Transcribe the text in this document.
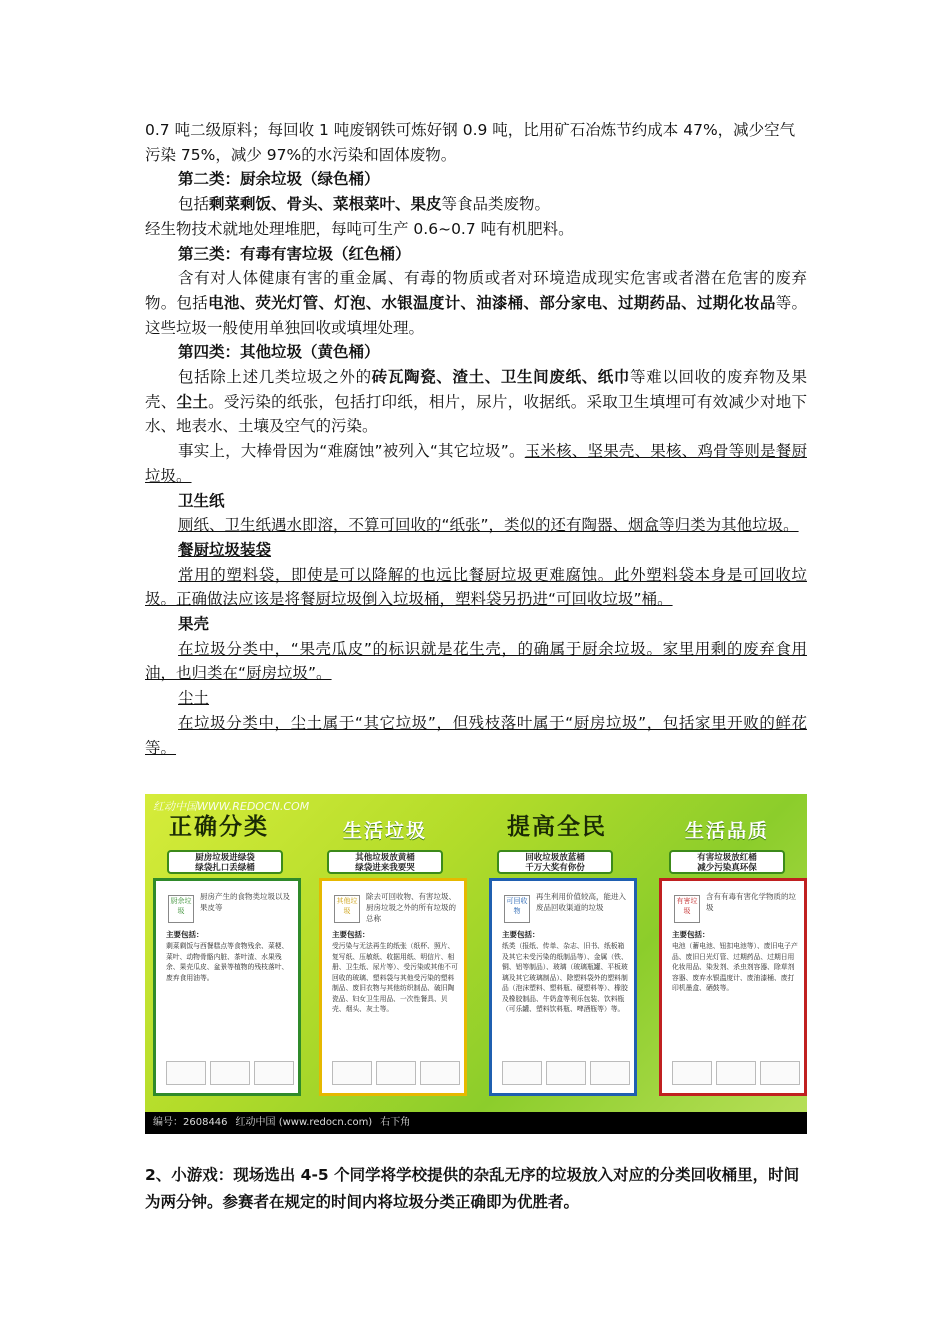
0.7 吨二级原料；每回收 1 吨废钢铁可炼好钢 0.9 吨，比用矿石冶炼节约成本 47%，减少空气

污染 75%，减少 97%的水污染和固体废物。

第二类：厨余垃圾（绿色桶）

包括剩菜剩饭、骨头、菜根菜叶、果皮等食品类废物。

经生物技术就地处理堆肥，每吨可生产 0.6~0.7 吨有机肥料。

第三类：有毒有害垃圾（红色桶）

含有对人体健康有害的重金属、有毒的物质或者对环境造成现实危害或者潜在危害的废弃物。包括电池、荧光灯管、灯泡、水银温度计、油漆桶、部分家电、过期药品、过期化妆品等。这些垃圾一般使用单独回收或填埋处理。

第四类：其他垃圾（黄色桶）

包括除上述几类垃圾之外的砖瓦陶瓷、渣土、卫生间废纸、纸巾等难以回收的废弃物及果壳、尘土。受污染的纸张，包括打印纸，相片，尿片，收据纸。采取卫生填埋可有效减少对地下水、地表水、土壤及空气的污染。

事实上，大棒骨因为“难腐蚀”被列入“其它垃圾”。玉米核、坚果壳、果核、鸡骨等则是餐厨垃圾。

卫生纸

厕纸、卫生纸遇水即溶，不算可回收的“纸张”，类似的还有陶器、烟盒等归类为其他垃圾。

餐厨垃圾装袋

常用的塑料袋，即使是可以降解的也远比餐厨垃圾更难腐蚀。此外塑料袋本身是可回收垃圾。正确做法应该是将餐厨垃圾倒入垃圾桶，塑料袋另扔进“可回收垃圾”桶。

果壳

在垃圾分类中，“果壳瓜皮”的标识就是花生壳，的确属于厨余垃圾。家里用剩的废弃食用油，也归类在“厨房垃圾”。

尘土

在垃圾分类中，尘土属于“其它垃圾”，但残枝落叶属于“厨房垃圾”，包括家里开败的鲜花等。

红动中国WWW.REDOCN.COM
正确分类	生活垃圾	提高全民	生活品质
厨房垃圾进绿袋
绿袋扎口丢绿桶
其他垃圾放黄桶
绿袋进来我要哭
回收垃圾放蓝桶
千万大奖有你份
有害垃圾放红桶
减少污染真环保
厨余垃圾
厨房产生的食物类垃圾以及果皮等
主要包括：
剩菜剩饭与西餐糕点等食物残余、菜梗、菜叶、动物骨骼内脏、茶叶渣、水果残余、果壳瓜皮、盆景等植物的残枝落叶、废弃食用油等。
其他垃圾
除去可回收物、有害垃圾、厨房垃圾之外的所有垃圾的总称
主要包括：
受污染与无法再生的纸张（纸杯、照片、复写纸、压敏纸、收据用纸、明信片、相册、卫生纸、尿片等）、受污染或其他不可回收的玻璃、塑料袋与其他受污染的塑料制品、废旧衣物与其他纺织制品、破旧陶瓷品、妇女卫生用品、一次性餐具、贝壳、烟头、灰土等。
可回收物
再生利用价值较高，能进入废品回收渠道的垃圾
主要包括：
纸类（报纸、传单、杂志、旧书、纸板箱及其它未受污染的纸制品等）、金属（铁、铜、铝等制品）、玻璃（玻璃瓶罐、平板玻璃及其它玻璃制品）、除塑料袋外的塑料制品（泡沫塑料、塑料瓶、硬塑料等）、橡胶及橡胶制品、牛奶盒等利乐包装、饮料瓶（可乐罐、塑料饮料瓶、啤酒瓶等）等。
有害垃圾
含有有毒有害化学物质的垃圾
主要包括：
电池（蓄电池、钮扣电池等）、废旧电子产品、废旧日光灯管、过期药品、过期日用化妆用品、染发剂、杀虫剂容器、除草剂容器、废弃水银温度计、废油漆桶、废打印机墨盒、硒鼓等。
编号：2608446 红动中国 (www.redocn.com) 右下角

2、小游戏：现场选出 4-5 个同学将学校提供的杂乱无序的垃圾放入对应的分类回收桶里，时间为两分钟。参赛者在规定的时间内将垃圾分类正确即为优胜者。
